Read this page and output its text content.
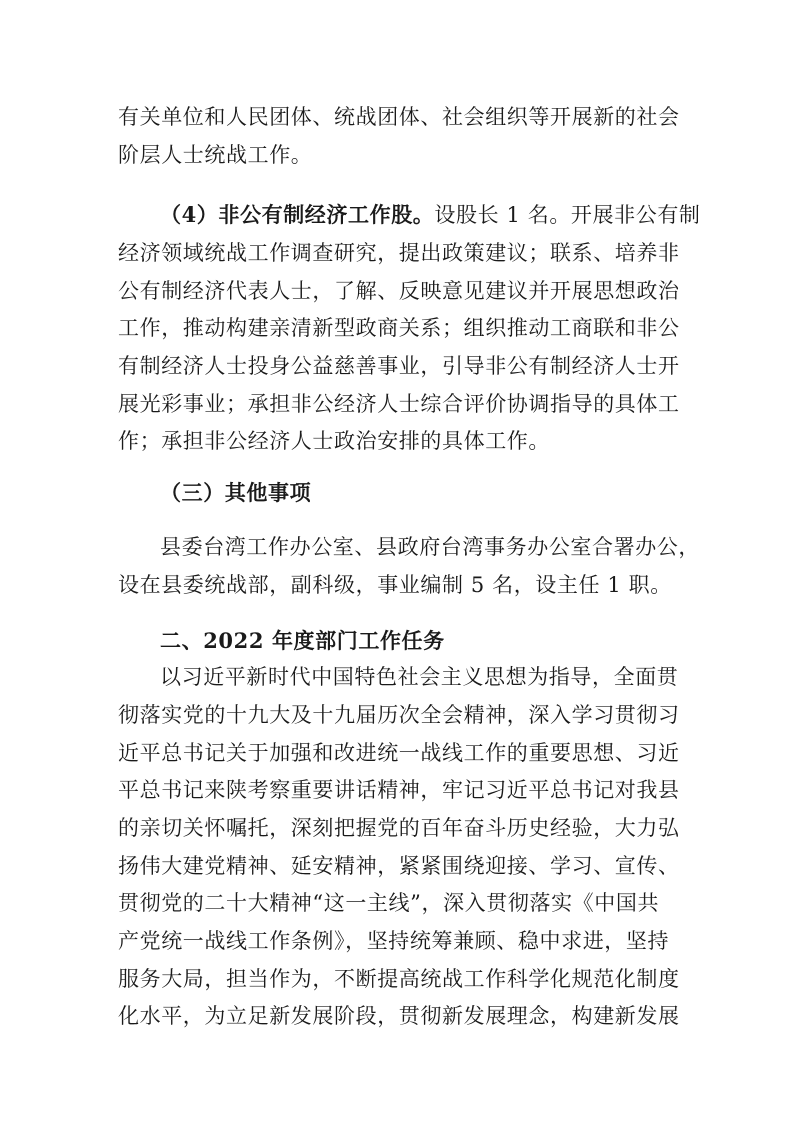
有关单位和人民团体、统战团体、社会组织等开展新的社会
阶层人士统战工作。
（4）非公有制经济工作股。设股长 1 名。开展非公有制
经济领域统战工作调查研究，提出政策建议；联系、培养非
公有制经济代表人士，了解、反映意见建议并开展思想政治
工作，推动构建亲清新型政商关系；组织推动工商联和非公
有制经济人士投身公益慈善事业，引导非公有制经济人士开
展光彩事业；承担非公经济人士综合评价协调指导的具体工
作；承担非公经济人士政治安排的具体工作。
（三）其他事项
县委台湾工作办公室、县政府台湾事务办公室合署办公，
设在县委统战部，副科级，事业编制 5 名，设主任 1 职。
二、2022 年度部门工作任务
以习近平新时代中国特色社会主义思想为指导，全面贯
彻落实党的十九大及十九届历次全会精神，深入学习贯彻习
近平总书记关于加强和改进统一战线工作的重要思想、习近
平总书记来陕考察重要讲话精神，牢记习近平总书记对我县
的亲切关怀嘱托，深刻把握党的百年奋斗历史经验，大力弘
扬伟大建党精神、延安精神，紧紧围绕迎接、学习、宣传、
贯彻党的二十大精神“这一主线”，深入贯彻落实《中国共
产党统一战线工作条例》，坚持统筹兼顾、稳中求进，坚持
服务大局，担当作为，不断提高统战工作科学化规范化制度
化水平，为立足新发展阶段，贯彻新发展理念，构建新发展
